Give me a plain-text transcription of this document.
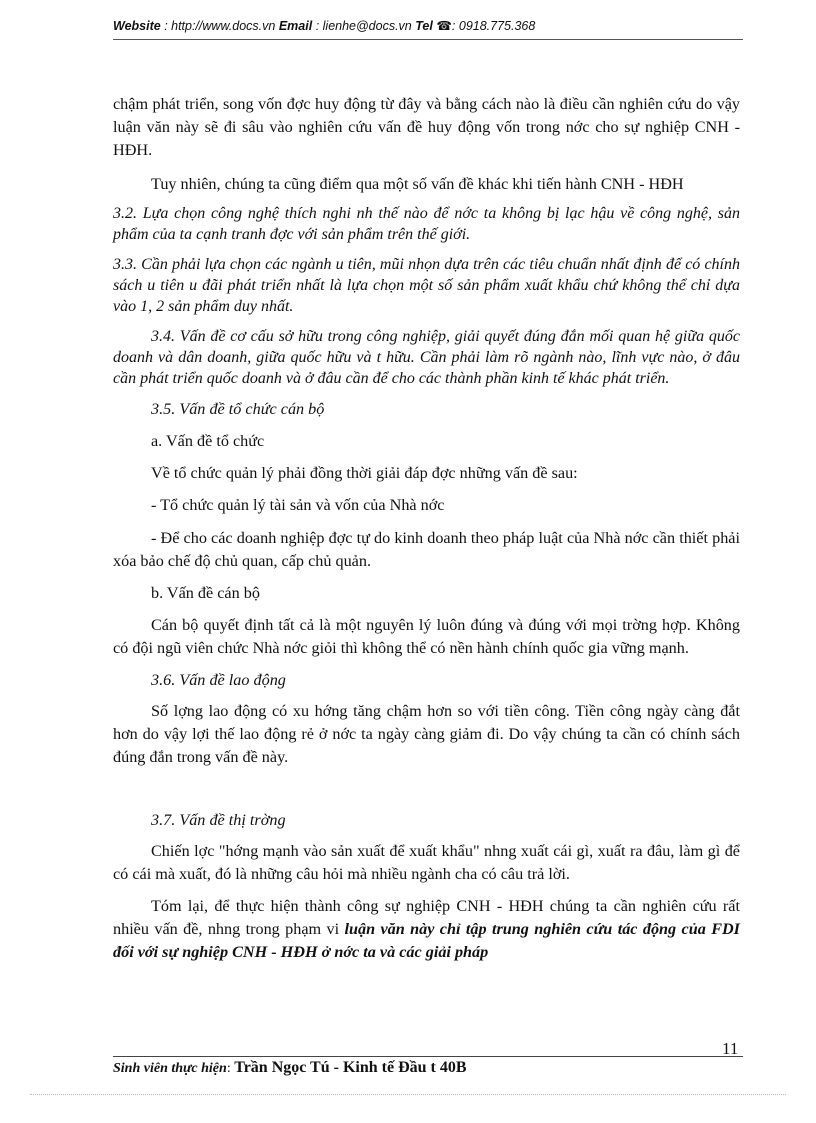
Website : http://www.docs.vn Email : lienhe@docs.vn Tel ☎: 0918.775.368

chậm phát triển, song vốn đợc huy động từ đây và bằng cách nào là điều cần nghiên cứu do vậy luận văn này sẽ đi sâu vào nghiên cứu vấn đề huy động vốn trong nớc cho sự nghiệp CNH - HĐH.

Tuy nhiên, chúng ta cũng điểm qua một số vấn đề khác khi tiến hành CNH - HĐH

3.2. Lựa chọn công nghệ thích nghi nh thế nào để nớc ta không bị lạc hậu về công nghệ, sản phẩm của ta cạnh tranh đợc với sản phẩm trên thế giới.

3.3. Cần phải lựa chọn các ngành u tiên, mũi nhọn dựa trên các tiêu chuẩn nhất định để có chính sách u tiên u đãi phát triển nhất là lựa chọn một số sản phẩm xuất khẩu chứ không thể chỉ dựa vào 1, 2 sản phẩm duy nhất.

3.4. Vấn đề cơ cấu sở hữu trong công nghiệp, giải quyết đúng đắn mối quan hệ giữa quốc doanh và dân doanh, giữa quốc hữu và t hữu. Cần phải làm rõ ngành nào, lĩnh vực nào, ở đâu cần phát triển quốc doanh và ở đâu cần để cho các thành phần kinh tế khác phát triển.

3.5. Vấn đề tổ chức cán bộ

a. Vấn đề tổ chức

Về tổ chức quản lý phải đồng thời giải đáp đợc những vấn đề sau:

- Tổ chức quản lý tài sản và vốn của Nhà nớc

- Để cho các doanh nghiệp đợc tự do kinh doanh theo pháp luật của Nhà nớc cần thiết phải xóa bảo chế độ chủ quan, cấp chủ quản.

b. Vấn đề cán bộ

Cán bộ quyết định tất cả là một nguyên lý luôn đúng và đúng với mọi trờng hợp. Không có đội ngũ viên chức Nhà nớc giỏi thì không thể có nền hành chính quốc gia vững mạnh.

3.6. Vấn đề lao động

Số lợng lao động có xu hớng tăng chậm hơn so với tiền công. Tiền công ngày càng đắt hơn do vậy lợi thế lao động rẻ ở nớc ta ngày càng giảm đi. Do vậy chúng ta cần có chính sách đúng đắn trong vấn đề này.

3.7. Vấn đề thị trờng

Chiến lợc "hớng mạnh vào sản xuất để xuất khẩu" nhng xuất cái gì, xuất ra đâu, làm gì để có cái mà xuất, đó là những câu hỏi mà nhiều ngành cha có câu trả lời.

Tóm lại, để thực hiện thành công sự nghiệp CNH - HĐH chúng ta cần nghiên cứu rất nhiều vấn đề, nhng trong phạm vi luận văn này chỉ tập trung nghiên cứu tác động của FDI đối với sự nghiệp CNH - HĐH ở nớc ta và các giải pháp

11
Sinh viên thực hiện: Trần Ngọc Tú - Kinh tế Đầu t 40B
